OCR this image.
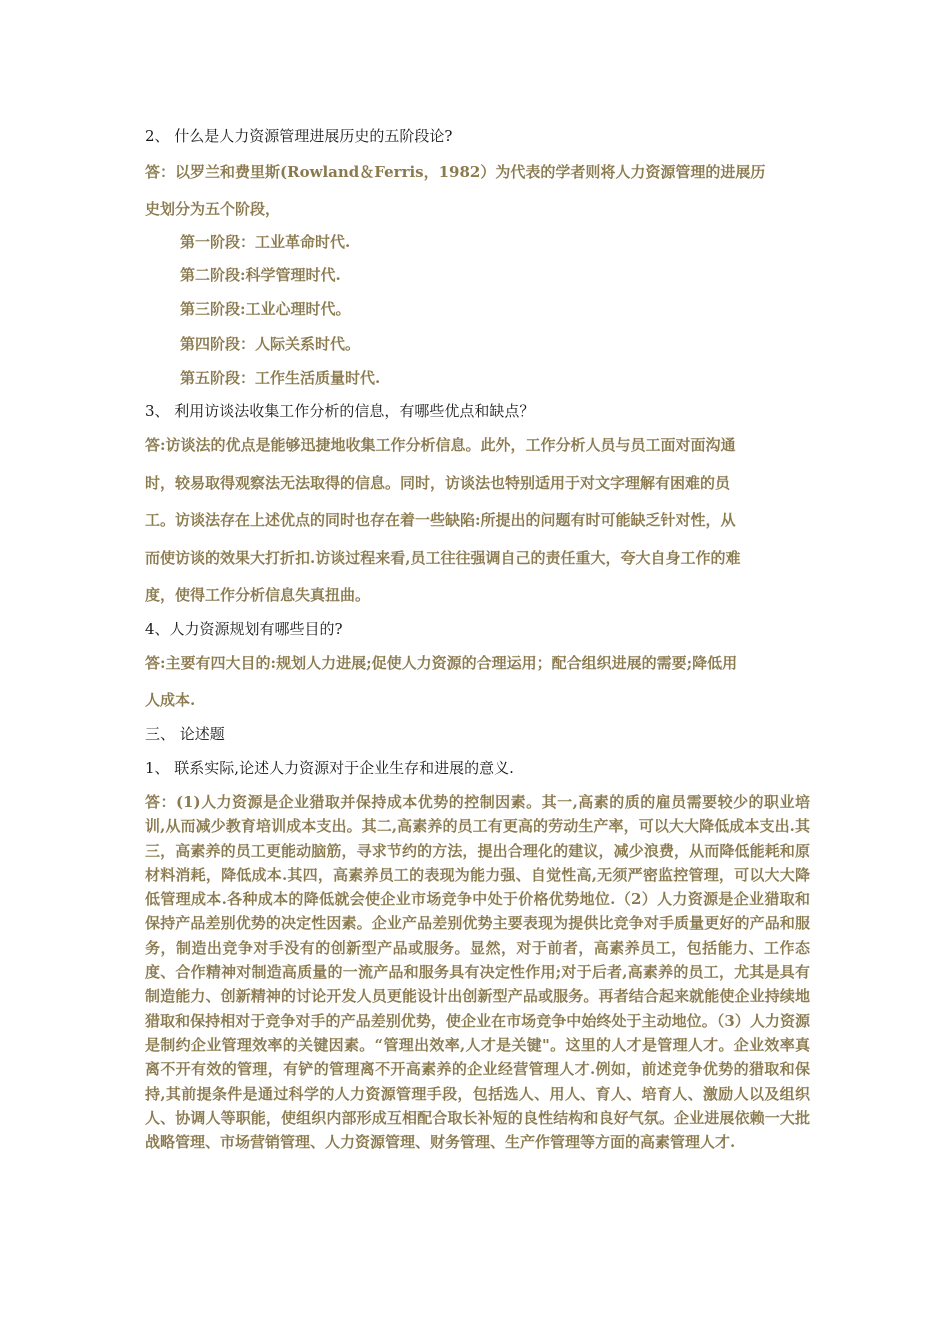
2、 什么是人力资源管理进展历史的五阶段论?
答：以罗兰和费里斯(Rowland＆Ferris，1982）为代表的学者则将人力资源管理的进展历
史划分为五个阶段，
第一阶段：工业革命时代.
第二阶段:科学管理时代.
第三阶段:工业心理时代。
第四阶段：人际关系时代。
第五阶段：工作生活质量时代.
3、 利用访谈法收集工作分析的信息，有哪些优点和缺点？
答:访谈法的优点是能够迅捷地收集工作分析信息。此外，工作分析人员与员工面对面沟通
时，较易取得观察法无法取得的信息。同时，访谈法也特别适用于对文字理解有困难的员
工。访谈法存在上述优点的同时也存在着一些缺陷:所提出的问题有时可能缺乏针对性，从
而使访谈的效果大打折扣.访谈过程来看,员工往往强调自己的责任重大，夸大自身工作的难
度，使得工作分析信息失真扭曲。
4、人力资源规划有哪些目的?
答:主要有四大目的:规划人力进展;促使人力资源的合理运用；配合组织进展的需要;降低用
人成本.
三、 论述题
1、 联系实际,论述人力资源对于企业生存和进展的意义.
答：(1)人力资源是企业猎取并保持成本优势的控制因素。其一,高素的质的雇员需要较少的职业培训,从而减少教育培训成本支出。其二,高素养的员工有更高的劳动生产率，可以大大降低成本支出.其三，高素养的员工更能动脑筋，寻求节约的方法，提出合理化的建议，减少浪费，从而降低能耗和原材料消耗，降低成本.其四，高素养员工的表现为能力强、自觉性高,无须严密监控管理，可以大大降低管理成本.各种成本的降低就会使企业市场竞争中处于价格优势地位.（2）人力资源是企业猎取和保持产品差别优势的决定性因素。企业产品差别优势主要表现为提供比竞争对手质量更好的产品和服务，制造出竞争对手没有的创新型产品或服务。显然，对于前者，高素养员工，包括能力、工作态度、合作精神对制造高质量的一流产品和服务具有决定性作用;对于后者,高素养的员工，尤其是具有制造能力、创新精神的讨论开发人员更能设计出创新型产品或服务。再者结合起来就能使企业持续地猎取和保持相对于竞争对手的产品差别优势，使企业在市场竞争中始终处于主动地位。（3）人力资源是制约企业管理效率的关键因素。“管理出效率,人才是关键"。这里的人才是管理人才。企业效率真离不开有效的管理，有铲的管理离不开高素养的企业经营管理人才.例如，前述竞争优势的猎取和保持,其前提条件是通过科学的人力资源管理手段，包括选人、用人、育人、培育人、激励人以及组织人、协调人等职能，使组织内部形成互相配合取长补短的良性结构和良好气氛。企业进展依赖一大批战略管理、市场营销管理、人力资源管理、财务管理、生产作管理等方面的高素管理人才.
